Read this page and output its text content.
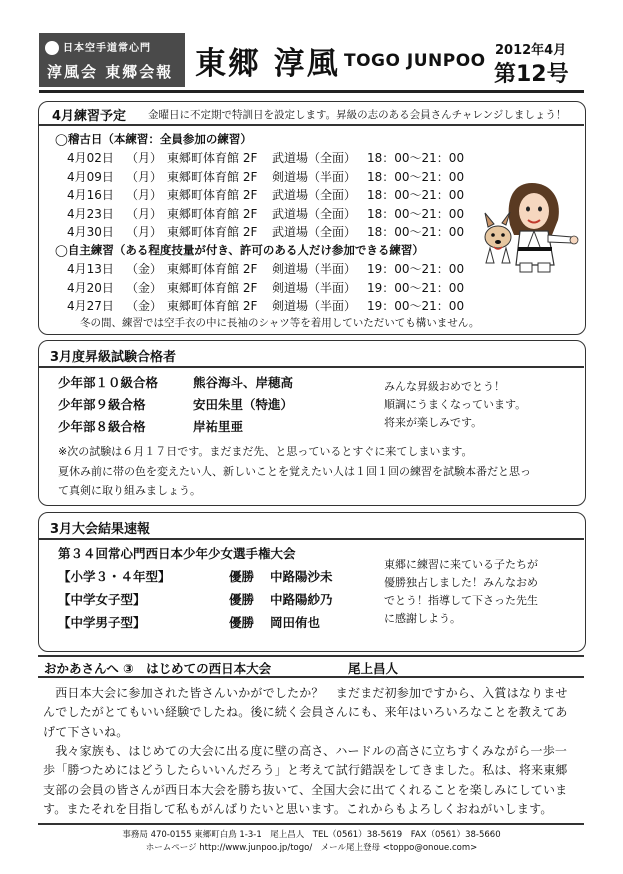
日本空手道常心門
淳風会 東郷会報 東郷 淳風 TOGO JUNPOO
2012年4月
第12号
4月練習予定 金曜日に不定期で特訓日を設定します。昇級の志のある会員さんチャレンジしましょう！
◯稽古日（本練習：全員参加の練習）
4月02日 （月） 東郷町体育館 2F 武道場（全面） 18：00～21：00
4月09日 （月） 東郷町体育館 2F 剣道場（半面） 18：00～21：00
4月16日 （月） 東郷町体育館 2F 武道場（全面） 18：00～21：00
4月23日 （月） 東郷町体育館 2F 武道場（全面） 18：00～21：00
4月30日 （月） 東郷町体育館 2F 武道場（全面） 18：00～21：00
◯自主練習（ある程度技量が付き、許可のある人だけ参加できる練習）
4月13日 （金） 東郷町体育館 2F 剣道場（半面） 19：00～21：00
4月20日 （金） 東郷町体育館 2F 剣道場（半面） 19：00～21：00
4月27日 （金） 東郷町体育館 2F 剣道場（半面） 19：00～21：00
冬の間、練習では空手衣の中に長袖のシャツ等を着用していただいても構いません。
3月度昇級試験合格者
少年部１０級合格	熊谷海斗、岸穂高
少年部９級合格	安田朱里（特進）
少年部８級合格	岸祐里亜
みんな昇級おめでとう！
順調にうまくなっています。
将来が楽しみです。
※次の試験は６月１７日です。まだまだ先、と思っているとすぐに来てしまいます。
夏休み前に帯の色を変えたい人、新しいことを覚えたい人は１回１回の練習を試験本番だと思っ
て真剣に取り組みましょう。
3月大会結果速報
第３４回常心門西日本少年少女選手権大会
【小学３・４年型】	優勝 中路陽沙未
【中学女子型】	優勝 中路陽紗乃
【中学男子型】	優勝 岡田侑也
東郷に練習に来ている子たちが
優勝独占しました！みんなおめ
でとう！指導して下さった先生
に感謝しよう。
おかあさんへ ③　はじめての西日本大会	尾上昌人
　西日本大会に参加された皆さんいかがでしたか？　まだまだ初参加ですから、入賞はなりませ
んでしたがとてもいい経験でしたね。後に続く会員さんにも、来年はいろいろなことを教えてあ
げて下さいね。
　我々家族も、はじめての大会に出る度に壁の高さ、ハードルの高さに立ちすくみながら一歩一
歩「勝つためにはどうしたらいいんだろう」と考えて試行錯誤をしてきました。私は、将来東郷
支部の会員の皆さんが西日本大会を勝ち抜いて、全国大会に出てくれることを楽しみにしていま
す。またそれを目指して私もがんばりたいと思います。これからもよろしくおねがいします。
事務局 470-0155 東郷町白鳥 1-3-1　尾上昌人　TEL（0561）38-5619　FAX（0561）38-5660
ホームページ http://www.junpoo.jp/togo/　メール尾上登母 <toppo@onoue.com>
